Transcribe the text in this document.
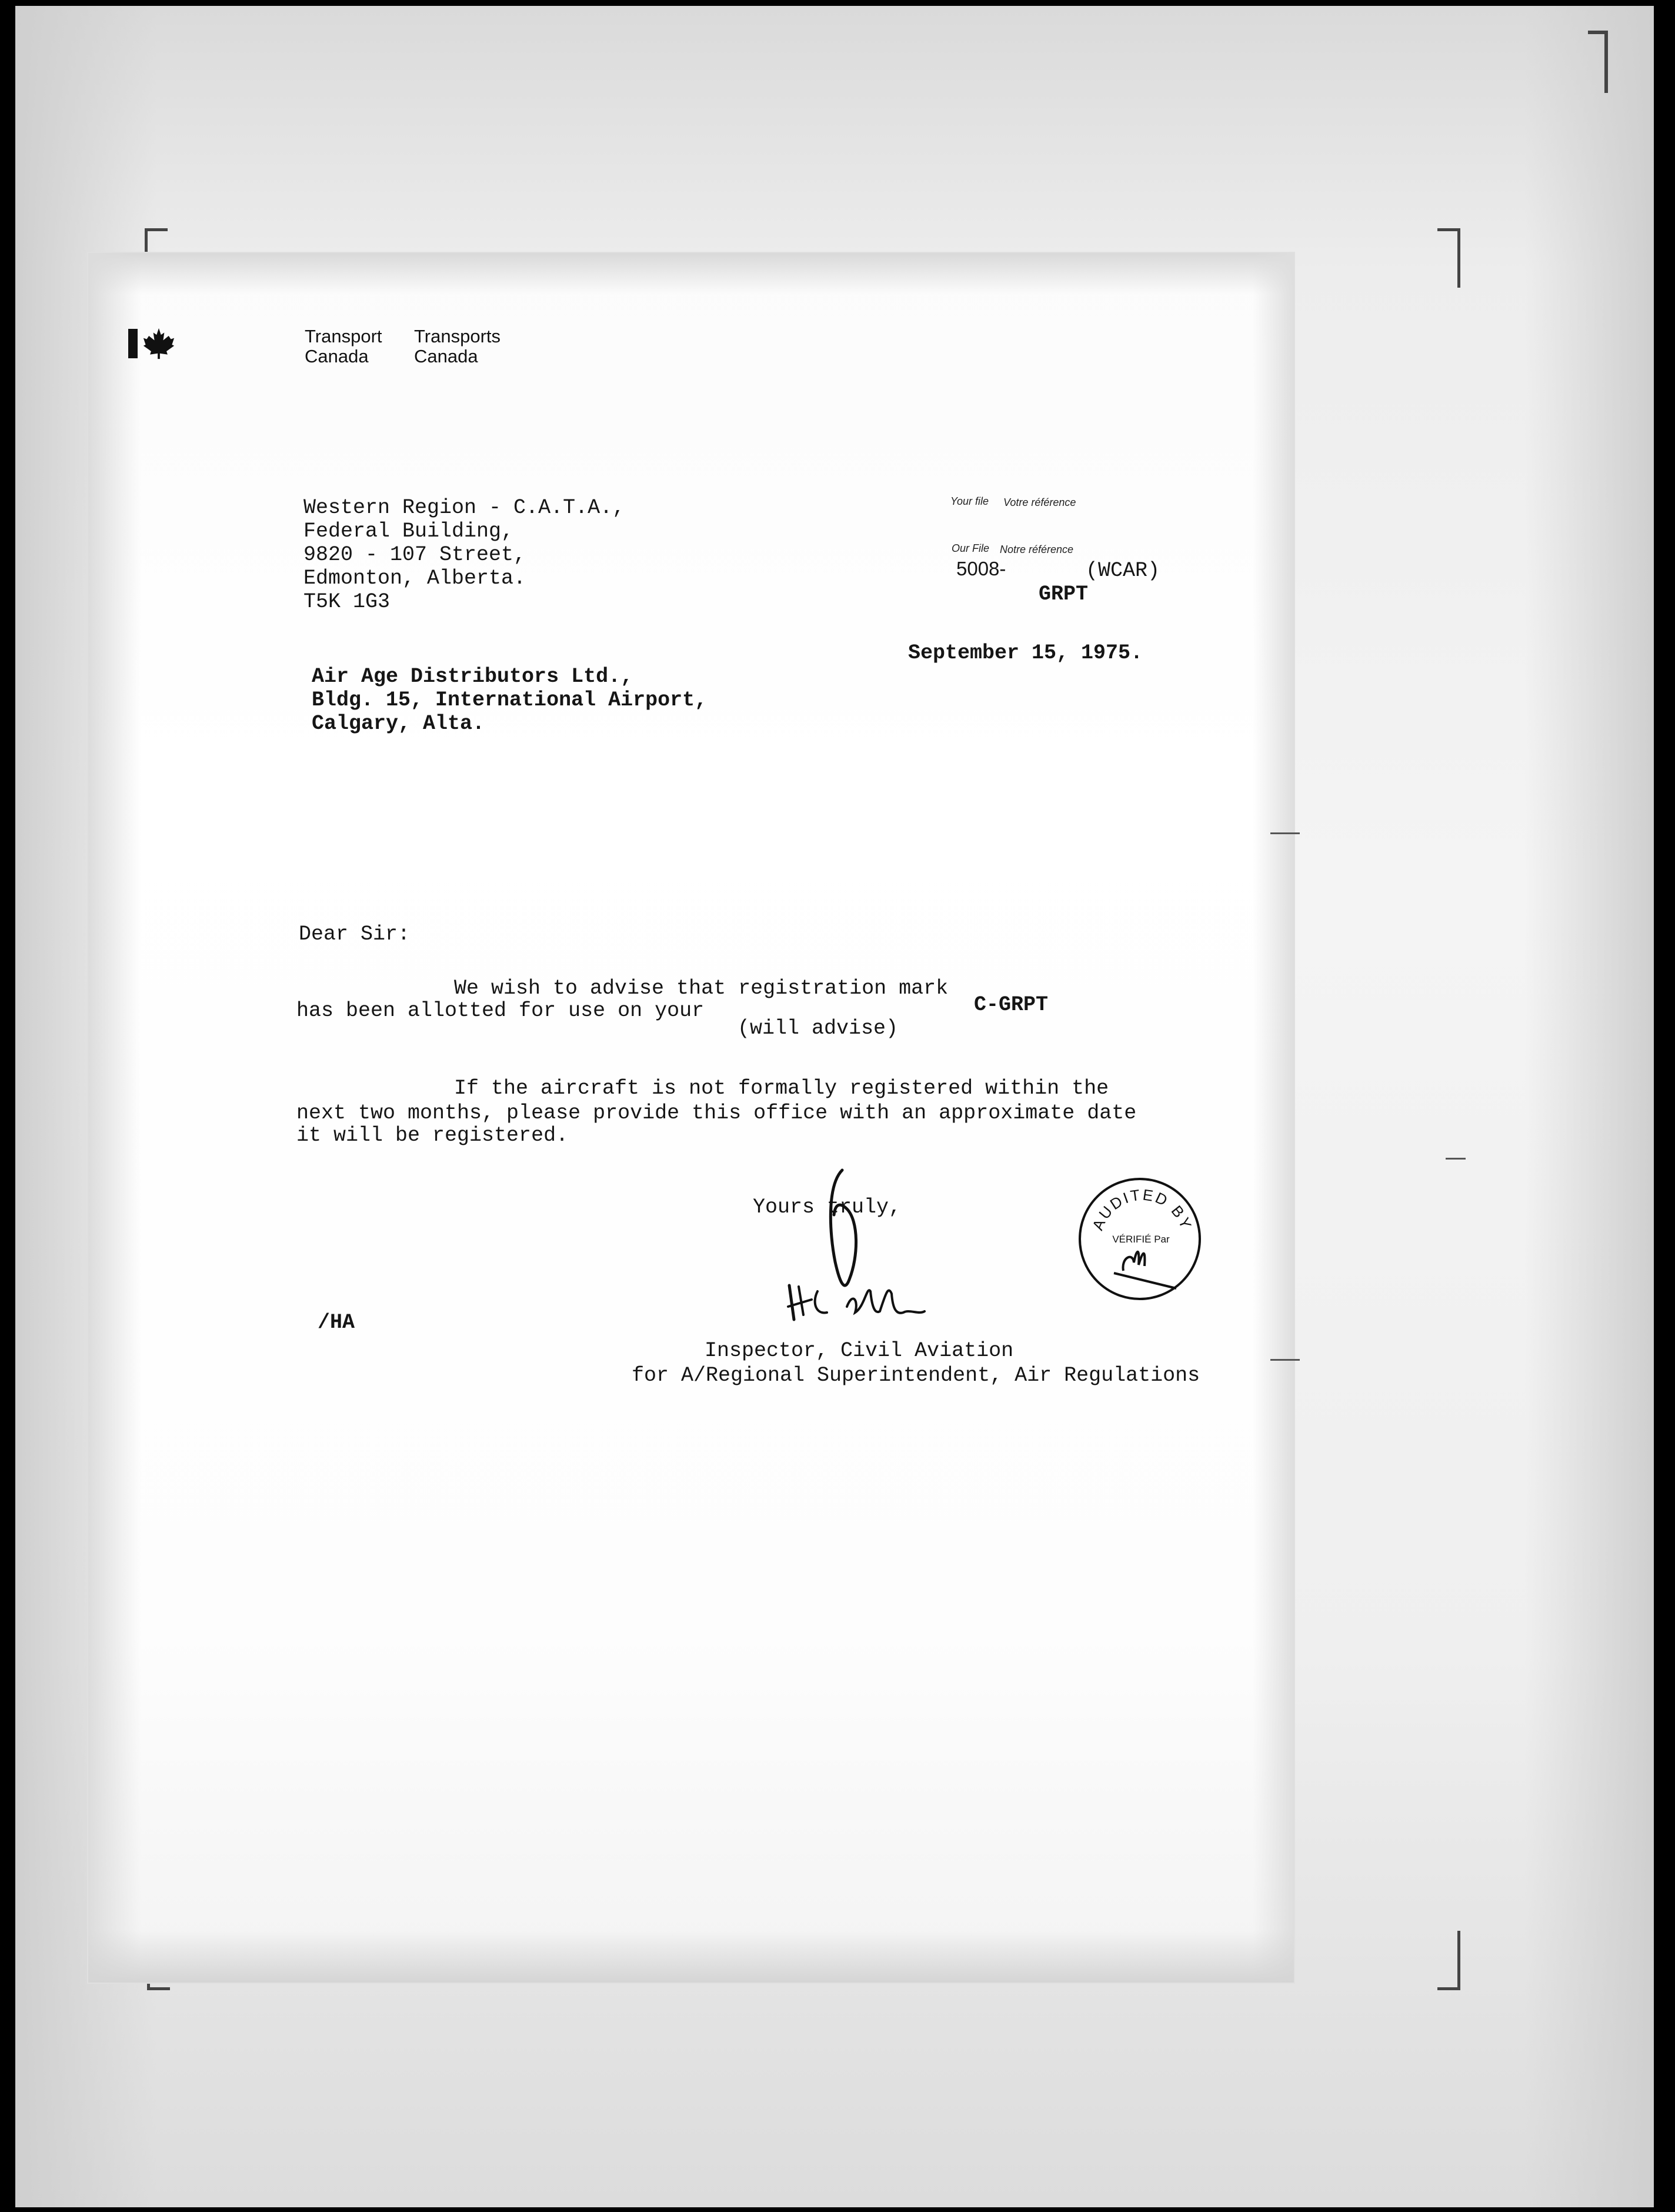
Transport
Canada
Transports
Canada
Western Region - C.A.T.A.,
Federal Building,
9820 - 107 Street,
Edmonton, Alberta.
T5K 1G3
Your file Votre référence
Our File Notre référence
5008-	(WCAR)
GRPT
September 15, 1975.
Air Age Distributors Ltd.,
Bldg. 15, International Airport,
Calgary, Alta.
Dear Sir:
We wish to advise that registration mark
has been allotted for use on your	C-GRPT
(will advise)
If the aircraft is not formally registered within the
next two months, please provide this office with an approximate date
it will be registered.
Yours truly,
AUDITED BY
VÉRIFIÉ Par
/HA
Inspector, Civil Aviation
for A/Regional Superintendent, Air Regulations
